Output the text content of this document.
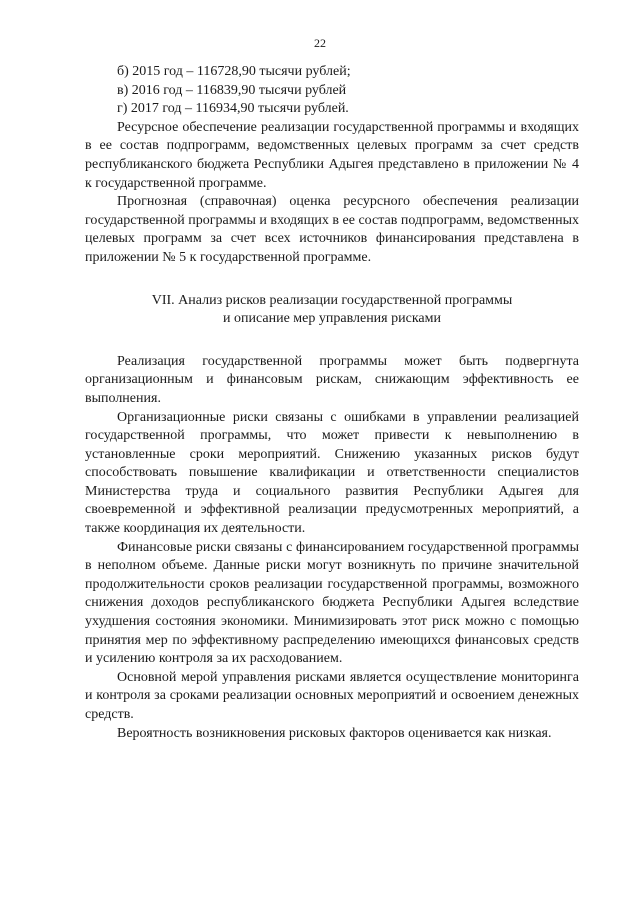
22

б) 2015 год – 116728,90 тысячи рублей;

в) 2016 год – 116839,90 тысячи рублей

г) 2017 год – 116934,90 тысячи рублей.

Ресурсное обеспечение реализации государственной программы и входящих в ее состав подпрограмм, ведомственных целевых программ за счет средств республиканского бюджета Республики Адыгея представлено в приложении № 4 к государственной программе.

Прогнозная (справочная) оценка ресурсного обеспечения реализации государственной программы и входящих в ее состав подпрограмм, ведомственных целевых программ за счет всех источников финансирования представлена в приложении № 5 к государственной программе.

VII. Анализ рисков реализации государственной программы
и описание мер управления рисками

Реализация государственной программы может быть подвергнута организационным и финансовым рискам, снижающим эффективность ее выполнения.

Организационные риски связаны с ошибками в управлении реализацией государственной программы, что может привести к невыполнению в установленные сроки мероприятий. Снижению указанных рисков будут способствовать повышение квалификации и ответственности специалистов Министерства труда и социального развития Республики Адыгея для своевременной и эффективной реализации предусмотренных мероприятий, а также координация их деятельности.

Финансовые риски связаны с финансированием государственной программы в неполном объеме. Данные риски могут возникнуть по причине значительной продолжительности сроков реализации государственной программы, возможного снижения доходов республиканского бюджета Республики Адыгея вследствие ухудшения состояния экономики. Минимизировать этот риск можно с помощью принятия мер по эффективному распределению имеющихся финансовых средств и усилению контроля за их расходованием.

Основной мерой управления рисками является осуществление мониторинга и контроля за сроками реализации основных мероприятий и освоением денежных средств.

Вероятность возникновения рисковых факторов оценивается как низкая.
